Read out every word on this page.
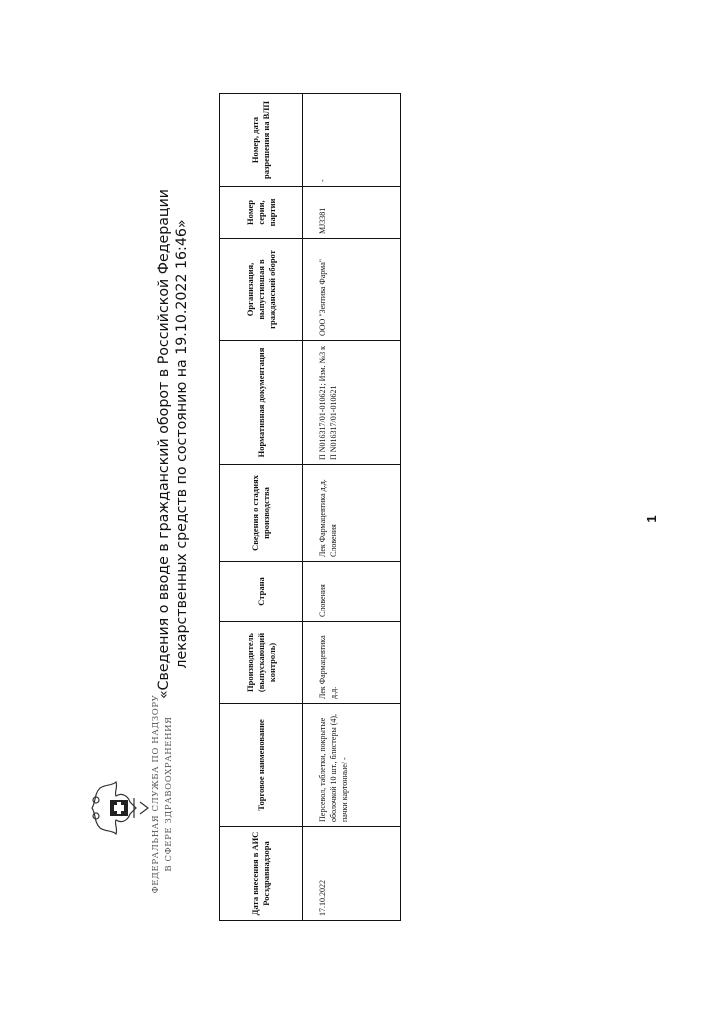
ФЕДЕРАЛЬНАЯ СЛУЖБА ПО НАДЗОРУ В СФЕРЕ ЗДРАВООХРАНЕНИЯ
«Сведения о вводе в гражданский оборот в Российской Федерации лекарственных средств по состоянию на 19.10.2022 16:46»
Дата внесения в АИС Росздравнадзора	Торговое наименование	Производитель (выпускающий контроль)	Страна	Сведения о стадиях производства	Нормативная документация	Организация, выпустившая в гражданский оборот	Номер серии, партии	Номер, дата разрешения на ВЛП
17.10.2022	Персевол, таблетки, покрытые оболочкой 10 шт., блистеры (4), пачки картонные/ -	Лек Фармацевтика д.д.	Словения	Лек Фармацевтика д.д. Словения	П N016317/01-010621; Изм. №3 к П N016317/01-010621	ООО "Зентива Фарма"	MJ3381	-
1
